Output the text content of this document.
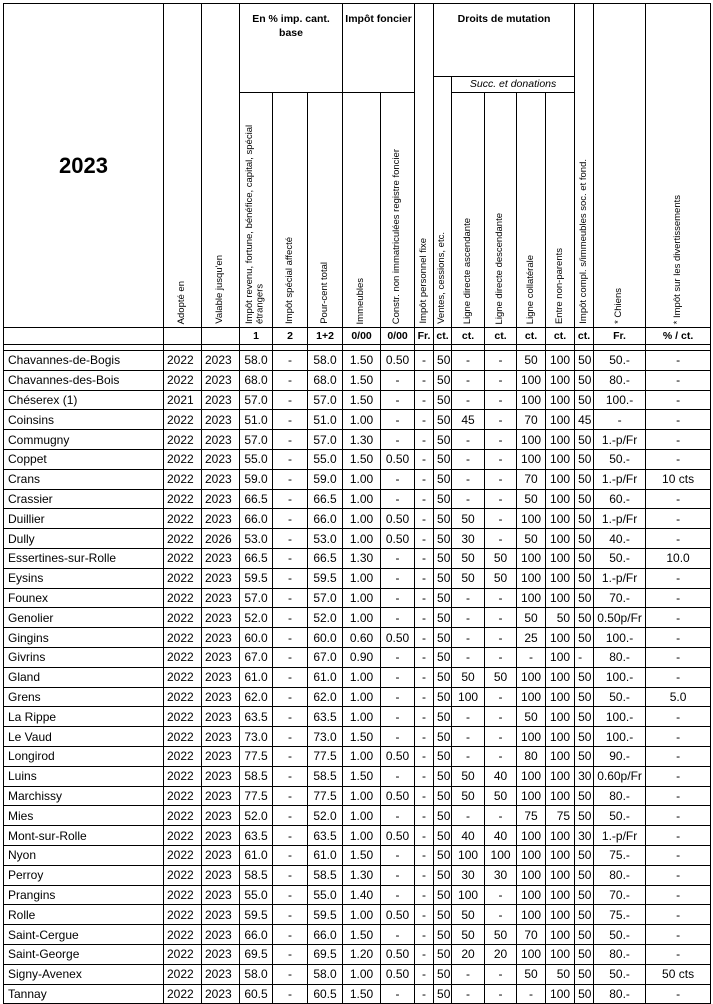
2023	Adopté en	Valable jusqu'en	En % imp. cant. base			Impôt foncier		Impôt personnel fixe	Droits de mutation					Impôt compl. s/immeubles soc. et fond.	* Chiens	* Impôt sur les divertissements

									Ventes, cessions, etc.	Succ. et donations						

			Impôt revenu, fortune, bénéfice, capital, spécial étrangers	Impôt spécial affecté	Pour-cent total	Immeubles	Constr. non immatriculées registre foncier			Ligne directe ascendante	Ligne directe descendante	Ligne collatérale	Entre non-parents			

			1	2	1+2	0/00	0/00	Fr.	ct.	ct.	ct.	ct.	ct.	ct.	Fr.	% / ct.

Chavannes-de-Bogis	2022	2023	58.0	-	58.0	1.50	0.50	-	50	-	-	50	100	50	50.-	-
Chavannes-des-Bois	2022	2023	68.0	-	68.0	1.50	-	-	50	-	-	100	100	50	80.-	-
Chéserex (1)	2021	2023	57.0	-	57.0	1.50	-	-	50	-	-	100	100	50	100.-	-
Coinsins	2022	2023	51.0	-	51.0	1.00	-	-	50	45	-	70	100	45	-	-
Commugny	2022	2023	57.0	-	57.0	1.30	-	-	50	-	-	100	100	50	1.-p/Fr	-
Coppet	2022	2023	55.0	-	55.0	1.50	0.50	-	50	-	-	100	100	50	50.-	-
Crans	2022	2023	59.0	-	59.0	1.00	-	-	50	-	-	70	100	50	1.-p/Fr	10 cts
Crassier	2022	2023	66.5	-	66.5	1.00	-	-	50	-	-	50	100	50	60.-	-
Duillier	2022	2023	66.0	-	66.0	1.00	0.50	-	50	50	-	100	100	50	1.-p/Fr	-
Dully	2022	2026	53.0	-	53.0	1.00	0.50	-	50	30	-	50	100	50	40.-	-
Essertines-sur-Rolle	2022	2023	66.5	-	66.5	1.30	-	-	50	50	50	100	100	50	50.-	10.0
Eysins	2022	2023	59.5	-	59.5	1.00	-	-	50	50	50	100	100	50	1.-p/Fr	-
Founex	2022	2023	57.0	-	57.0	1.00	-	-	50	-	-	100	100	50	70.-	-
Genolier	2022	2023	52.0	-	52.0	1.00	-	-	50	-	-	50	50	50	0.50p/Fr	-
Gingins	2022	2023	60.0	-	60.0	0.60	0.50	-	50	-	-	25	100	50	100.-	-
Givrins	2022	2023	67.0	-	67.0	0.90	-	-	50	-	-	-	100	-	80.-	-
Gland	2022	2023	61.0	-	61.0	1.00	-	-	50	50	50	100	100	50	100.-	-
Grens	2022	2023	62.0	-	62.0	1.00	-	-	50	100	-	100	100	50	50.-	5.0
La Rippe	2022	2023	63.5	-	63.5	1.00	-	-	50	-	-	50	100	50	100.-	-
Le Vaud	2022	2023	73.0	-	73.0	1.50	-	-	50	-	-	100	100	50	100.-	-
Longirod	2022	2023	77.5	-	77.5	1.00	0.50	-	50	-	-	80	100	50	90.-	-
Luins	2022	2023	58.5	-	58.5	1.50	-	-	50	50	40	100	100	30	0.60p/Fr	-
Marchissy	2022	2023	77.5	-	77.5	1.00	0.50	-	50	50	50	100	100	50	80.-	-
Mies	2022	2023	52.0	-	52.0	1.00	-	-	50	-	-	75	75	50	50.-	-
Mont-sur-Rolle	2022	2023	63.5	-	63.5	1.00	0.50	-	50	40	40	100	100	30	1.-p/Fr	-
Nyon	2022	2023	61.0	-	61.0	1.50	-	-	50	100	100	100	100	50	75.-	-
Perroy	2022	2023	58.5	-	58.5	1.30	-	-	50	30	30	100	100	50	80.-	-
Prangins	2022	2023	55.0	-	55.0	1.40	-	-	50	100	-	100	100	50	70.-	-
Rolle	2022	2023	59.5	-	59.5	1.00	0.50	-	50	50	-	100	100	50	75.-	-
Saint-Cergue	2022	2023	66.0	-	66.0	1.50	-	-	50	50	50	70	100	50	50.-	-
Saint-George	2022	2023	69.5	-	69.5	1.20	0.50	-	50	20	20	100	100	50	80.-	-
Signy-Avenex	2022	2023	58.0	-	58.0	1.00	0.50	-	50	-	-	50	50	50	50.-	50 cts
Tannay	2022	2023	60.5	-	60.5	1.50	-	-	50	-	-	-	100	50	80.-	-
